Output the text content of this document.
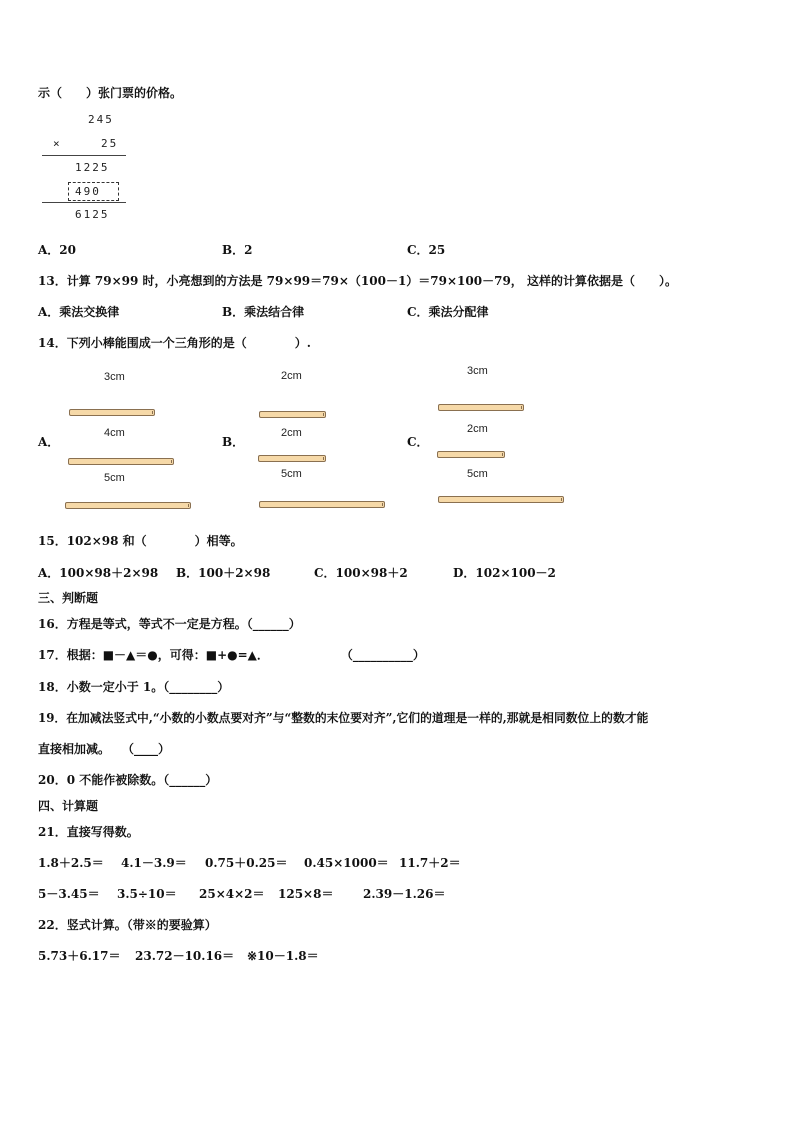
示（　　）张门票的价格。
245
×	25
1225
490
6125
A．20	B．2	C．25
13．计算 79×99 时，小亮想到的方法是 79×99＝79×（100－1）＝79×100－79， 这样的计算依据是（　　）。
A．乘法交换律	B．乘法结合律	C．乘法分配律
14．下列小棒能围成一个三角形的是（　　　　）.
A．
3cm
4cm
5cm
B．
2cm
2cm
5cm
C．
3cm
2cm
5cm
15．102×98 和（　　　　）相等。
A．100×98＋2×98 B．100＋2×98	C．100×98＋2	D．102×100－2
三、判断题
16．方程是等式，等式不一定是方程。（______）
17．根据：■－▲＝●，可得：■+●=▲．　　　　　　　（__________）
18．小数一定小于 1。（________）
19．在加减法竖式中,“小数的小数点要对齐”与“整数的末位要对齐”,它们的道理是一样的,那就是相同数位上的数才能
直接相加减。　　（____）
20．0 不能作被除数。（______）
四、计算题
21．直接写得数。
1.8＋2.5＝ 4.1－3.9＝ 0.75＋0.25＝ 0.45×1000＝ 11.7＋2＝
5－3.45＝ 3.5÷10＝ 25×4×2＝ 125×8＝ 2.39－1.26＝
22．竖式计算。（带※的要验算）
5.73＋6.17＝ 23.72－10.16＝ ※10－1.8＝
